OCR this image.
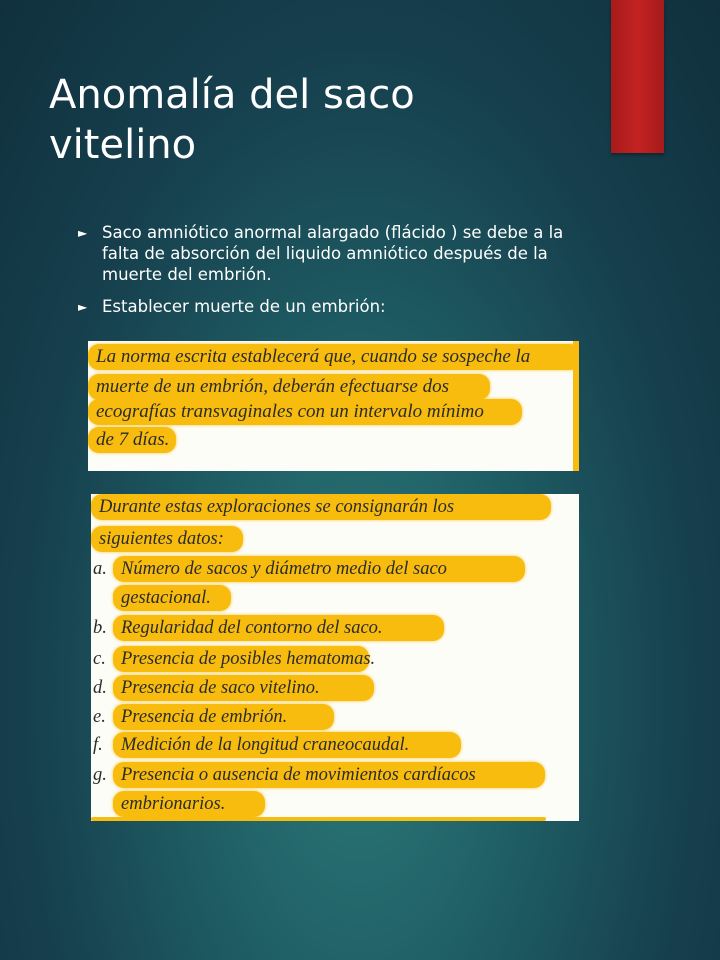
Anomalía del saco
vitelino
► Saco amniótico anormal alargado (flácido ) se debe a la falta de absorción del liquido amniótico después de la muerte del embrión.
► Establecer muerte de un embrión:
La norma escrita establecerá que, cuando se sospeche la
muerte de un embrión, deberán efectuarse dos
ecografías transvaginales con un intervalo mínimo
de 7 días.
Durante estas exploraciones se consignarán los
siguientes datos:
a. Número de sacos y diámetro medio del saco
gestacional.
b. Regularidad del contorno del saco.
c. Presencia de posibles hematomas.
d. Presencia de saco vitelino.
e. Presencia de embrión.
f. Medición de la longitud craneocaudal.
g. Presencia o ausencia de movimientos cardíacos
embrionarios.
